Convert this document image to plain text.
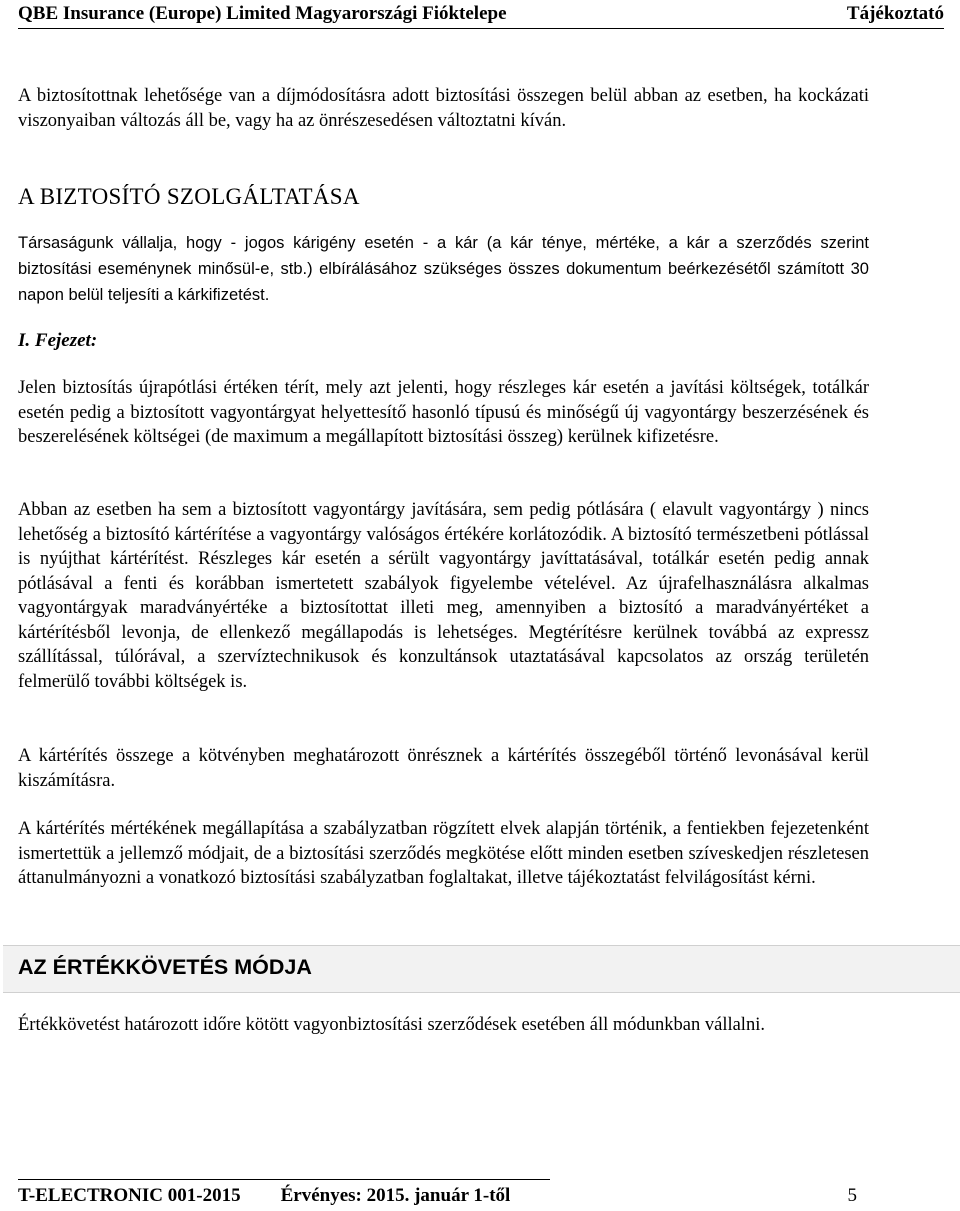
QBE Insurance (Europe) Limited Magyarországi Fióktelepe	Tájékoztató

A biztosítottnak lehetősége van a díjmódosításra adott biztosítási összegen belül abban az esetben, ha kockázati viszonyaiban változás áll be, vagy ha az önrészesedésen változtatni kíván.

A BIZTOSÍTÓ SZOLGÁLTATÁSA

Társaságunk vállalja, hogy - jogos kárigény esetén - a kár (a kár ténye, mértéke, a kár a szerződés szerint biztosítási eseménynek minősül-e, stb.) elbírálásához szükséges összes dokumentum beérkezésétől számított 30 napon belül teljesíti a kárkifizetést.

I. Fejezet:

Jelen biztosítás újrapótlási értéken térít, mely azt jelenti, hogy részleges kár esetén a javítási költségek, totálkár esetén pedig a biztosított vagyontárgyat helyettesítő hasonló típusú és minőségű új vagyontárgy beszerzésének és beszerelésének költségei (de maximum a megállapított biztosítási összeg) kerülnek kifizetésre.

Abban az esetben ha sem a biztosított vagyontárgy javítására, sem pedig pótlására ( elavult vagyontárgy ) nincs lehetőség a biztosító kártérítése a vagyontárgy valóságos értékére korlátozódik. A biztosító természetbeni pótlással is nyújthat kártérítést. Részleges kár esetén a sérült vagyontárgy javíttatásával, totálkár esetén pedig annak pótlásával a fenti és korábban ismertetett szabályok figyelembe vételével. Az újrafelhasználásra alkalmas vagyontárgyak maradványértéke a biztosítottat illeti meg, amennyiben a biztosító a maradványértéket a kártérítésből levonja, de ellenkező megállapodás is lehetséges. Megtérítésre kerülnek továbbá az expressz szállítással, túlórával, a szervíztechnikusok és konzultánsok utaztatásával kapcsolatos az ország területén felmerülő további költségek is.

A kártérítés összege a kötvényben meghatározott önrésznek a kártérítés összegéből történő levonásával kerül kiszámításra.

A kártérítés mértékének megállapítása a szabályzatban rögzített elvek alapján történik, a fentiekben fejezetenként ismertettük a jellemző módjait, de a biztosítási szerződés megkötése előtt minden esetben szíveskedjen részletesen áttanulmányozni a vonatkozó biztosítási szabályzatban foglaltakat, illetve tájékoztatást felvilágosítást kérni.

AZ ÉRTÉKKÖVETÉS MÓDJA

Értékkövetést határozott időre kötött vagyonbiztosítási szerződések esetében áll módunkban vállalni.

T-ELECTRONIC 001-2015 Érvényes: 2015. január 1-től	5
